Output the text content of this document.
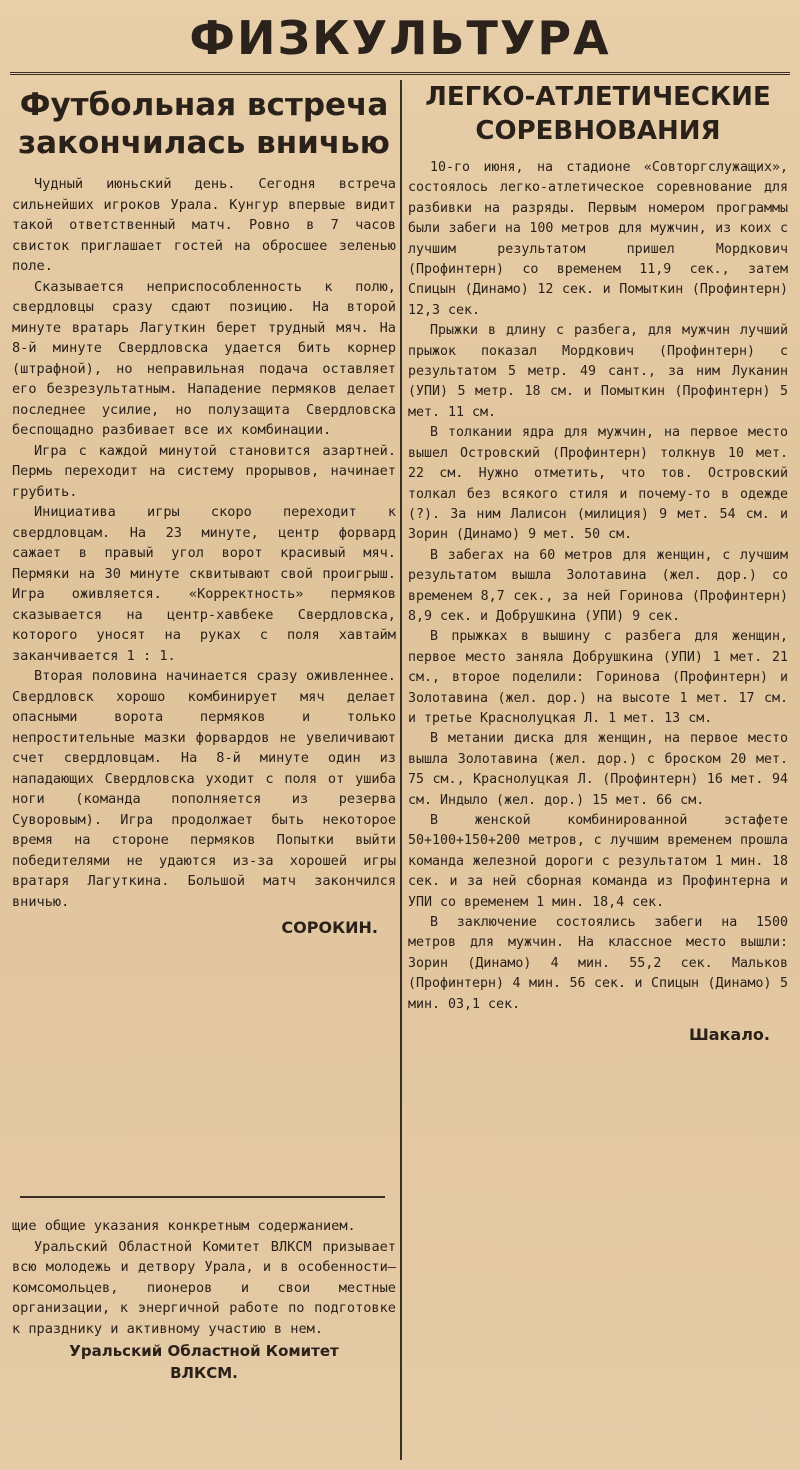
ФИЗКУЛЬТУРА
Футбольная встреча
закончилась вничью

Чудный июньский день. Сегодня встреча сильнейших игроков Урала. Кунгур впервые видит такой ответственный матч. Ровно в 7 часов свисток приглашает гостей на обросшее зеленью поле.

Сказывается неприспособленность к полю, свердловцы сразу сдают позицию. На второй минуте вратарь Лагуткин берет трудный мяч. На 8-й минуте Свердловска удается бить корнер (штрафной), но неправильная подача оставляет его безрезультатным. Нападение пермяков делает последнее усилие, но полузащита Свердловска беспощадно разбивает все их комбинации.

Игра с каждой минутой становится азартней. Пермь переходит на систему прорывов, начинает грубить.

Инициатива игры скоро переходит к свердловцам. На 23 минуте, центр форвард сажает в правый угол ворот красивый мяч. Пермяки на 30 минуте сквитывают свой проигрыш. Игра оживляется. «Корректность» пермяков сказывается на центр-хавбеке Свердловска, которого уносят на руках с поля хавтайм заканчивается 1 : 1.

Вторая половина начинается сразу оживленнее. Свердловск хорошо комбинирует мяч делает опасными ворота пермяков и только непростительные мазки форвардов не увеличивают счет свердловцам. На 8-й минуте один из нападающих Свердловска уходит с поля от ушиба ноги (команда пополняется из резерва Суворовым). Игра продолжает быть некоторое время на стороне пермяков Попытки выйти победителями не удаются из-за хорошей игры вратаря Лагуткина. Большой матч закончился вничью.

СОРОКИН.

щие общие указания конкретным содержанием.

Уральский Областной Комитет ВЛКСМ призывает всю молодежь и детвору Урала, и в особенности—комсомольцев, пионеров и свои местные организации, к энергичной работе по подготовке к празднику и активному участию в нем.

Уральский Областной Комитет
ВЛКСМ.
ЛЕГКО-АТЛЕТИЧЕСКИЕ
СОРЕВНОВАНИЯ

10-го июня, на стадионе «Совторгслужащих», состоялось легко-атлетическое соревнование для разбивки на разряды. Первым номером программы были забеги на 100 метров для мужчин, из коих с лучшим результатом пришел Мордкович (Профинтерн) со временем 11,9 сек., затем Спицын (Динамо) 12 сек. и Помыткин (Профинтерн) 12,3 сек.

Прыжки в длину с разбега, для мужчин лучший прыжок показал Мордкович (Профинтерн) с результатом 5 метр. 49 сант., за ним Луканин (УПИ) 5 метр. 18 см. и Помыткин (Профинтерн) 5 мет. 11 см.

В толкании ядра для мужчин, на первое место вышел Островский (Профинтерн) толкнув 10 мет. 22 см. Нужно отметить, что тов. Островский толкал без всякого стиля и почему-то в одежде (?). За ним Лалисон (милиция) 9 мет. 54 см. и Зорин (Динамо) 9 мет. 50 см.

В забегах на 60 метров для женщин, с лучшим результатом вышла Золотавина (жел. дор.) со временем 8,7 сек., за ней Горинова (Профинтерн) 8,9 сек. и Добрушкина (УПИ) 9 сек.

В прыжках в вышину с разбега для женщин, первое место заняла Добрушкина (УПИ) 1 мет. 21 см., второе поделили: Горинова (Профинтерн) и Золотавина (жел. дор.) на высоте 1 мет. 17 см. и третье Краснолуцкая Л. 1 мет. 13 см.

В метании диска для женщин, на первое место вышла Золотавина (жел. дор.) с броском 20 мет. 75 см., Краснолуцкая Л. (Профинтерн) 16 мет. 94 см. Индыло (жел. дор.) 15 мет. 66 см.

В женской комбинированной эстафете 50+100+150+200 метров, с лучшим временем прошла команда железной дороги с результатом 1 мин. 18 сек. и за ней сборная команда из Профинтерна и УПИ со временем 1 мин. 18,4 сек.

В заключение состоялись забеги на 1500 метров для мужчин. На классное место вышли: Зорин (Динамо) 4 мин. 55,2 сек. Мальков (Профинтерн) 4 мин. 56 сек. и Спицын (Динамо) 5 мин. 03,1 сек.

Шакало.
